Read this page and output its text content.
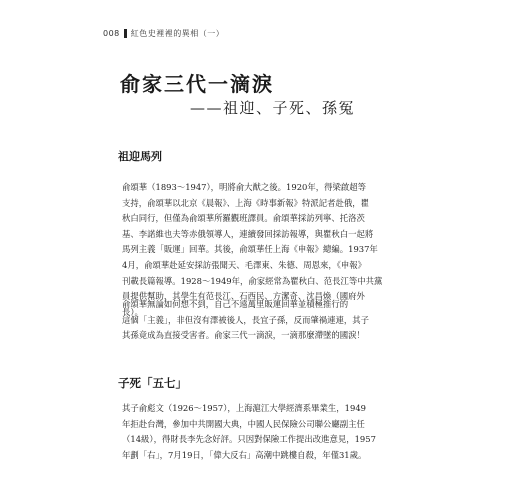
008 紅色史裡裡的異相（一）
俞家三代一滴淚
——祖迎、子死、孫冤
祖迎馬列
俞頌華（1893～1947），明將俞大猷之後。1920年，得梁啟超等
支持，俞頌華以北京《晨報》、上海《時事新報》特派記者赴俄，瞿
秋白同行，但僅為俞頌華所羅觀班譯員。俞頌華採訪列寧、托洛茨
基、李諾維也夫等赤俄領導人，連續發回採訪報導，與瞿秋白一起將
馬列主義「販運」回華。其後，俞頌華任上海《申報》總編。1937年
4月，俞頌華赴延安採訪張聞天、毛澤東、朱德、周恩來，《申報》
刊載長篇報導。1928～1949年，俞家經常為瞿秋白、范長江等中共黨
員提供幫助，其學生有范長江、石西民、方潔奇、沈昌煥（國府外
長）。
俞頌華無論如何想不到，自己不遠萬里販運回華並積極推行的
這個「主義」，非但沒有澤被後人，長宜子孫，反而肇禍連連，其子
其孫竟成為直接受害者。俞家三代一滴淚，一滴那麼滯墜的國淚！
子死「五七」
其子俞彪文（1926～1957），上海滬江大學經濟系畢業生，1949
年拒赴台灣，參加中共開國大典，中國人民保險公司聯公廳副主任
（14級），得財長李先念好評。只因對保險工作提出改進意見，1957
年劃「右」，7月19日，「偉大反右」高潮中跳樓自殺，年僅31歲。
